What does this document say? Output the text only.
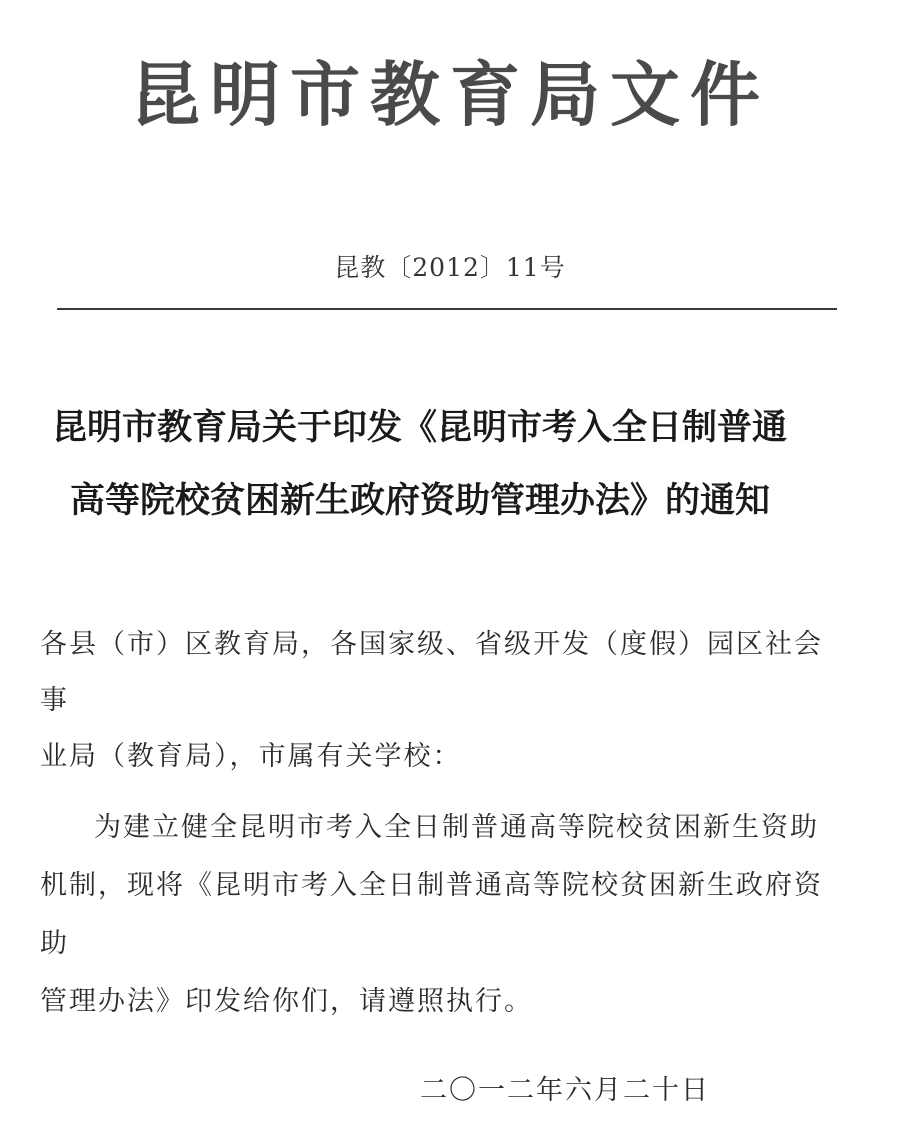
昆明市教育局文件
昆教〔2012〕11号
昆明市教育局关于印发《昆明市考入全日制普通
高等院校贫困新生政府资助管理办法》的通知

各县（市）区教育局，各国家级、省级开发（度假）园区社会事

业局（教育局），市属有关学校：

为建立健全昆明市考入全日制普通高等院校贫困新生资助

机制，现将《昆明市考入全日制普通高等院校贫困新生政府资助

管理办法》印发给你们，请遵照执行。

二〇一二年六月二十日
